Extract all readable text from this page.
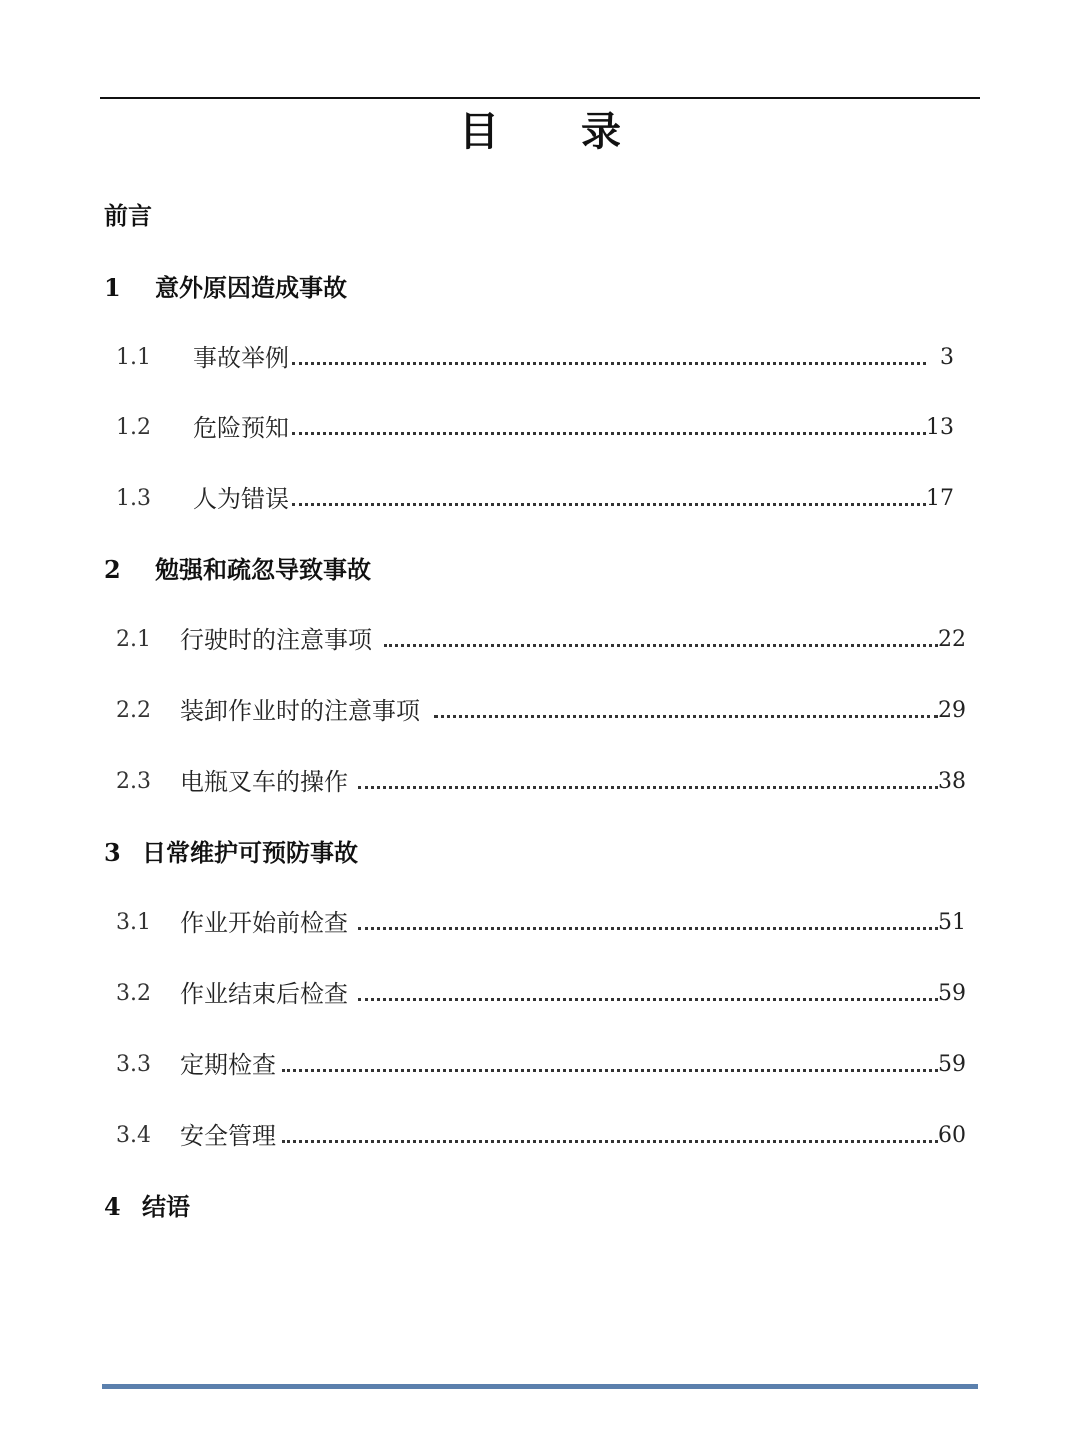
目 录
前言
1 意外原因造成事故
1.1 事故举例	3
1.2 危险预知	13
1.3 人为错误	17
2 勉强和疏忽导致事故
2.1 行驶时的注意事项	22
2.2 装卸作业时的注意事项	29
2.3 电瓶叉车的操作	38
3 日常维护可预防事故
3.1 作业开始前检查	51
3.2 作业结束后检查	59
3.3 定期检查	59
3.4 安全管理	60
4 结语
